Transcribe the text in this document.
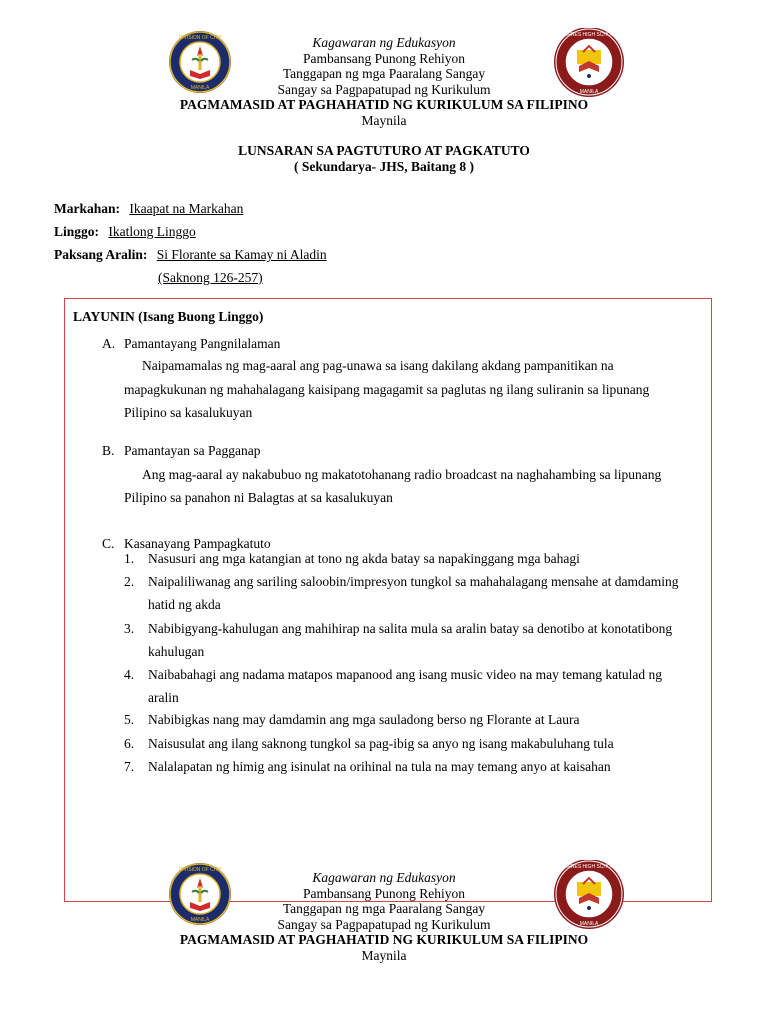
Kagawaran ng Edukasyon
Pambansang Punong Rehiyon
Tanggapan ng mga Paaralang Sangay
Sangay sa Pagpapatupad ng Kurikulum
PAGMAMASID AT PAGHAHATID NG KURIKULUM SA FILIPINO
Maynila
LUNSARAN SA PAGTUTURO AT PAGKATUTO
( Sekundarya- JHS, Baitang 8 )
Markahan: Ikaapat na Markahan
Linggo: Ikatlong Linggo
Paksang Aralin: Si Florante sa Kamay ni Aladin
(Saknong 126-257)
LAYUNIN (Isang Buong Linggo)
A. Pamantayang Pangnilalaman
Naipamamalas ng mag-aaral ang pag-unawa sa isang dakilang akdang pampanitikan na
mapagkukunan ng mahahalagang kaisipang magagamit sa paglutas ng ilang suliranin sa lipunang
Pilipino sa kasalukuyan
B. Pamantayan sa Pagganap
Ang mag-aaral ay nakabubuo ng makatotohanang radio broadcast na naghahambing sa lipunang
Pilipino sa panahon ni Balagtas at sa kasalukuyan
C. Kasanayang Pampagkatuto
1. Nasusuri ang mga katangian at tono ng akda batay sa napakinggang mga bahagi
2. Naipaliliwanag ang sariling saloobin/impresyon tungkol sa mahahalagang mensahe at damdaming
hatid ng akda
3. Nabibigyang-kahulugan ang mahihirap na salita mula sa aralin batay sa denotibo at konotatibong
kahulugan
4. Naibabahagi ang nadama matapos mapanood ang isang music video na may temang katulad ng
aralin
5. Nabibigkas nang may damdamin ang mga sauladong berso ng Florante at Laura
6. Naisusulat ang ilang saknong tungkol sa pag-ibig sa anyo ng isang makabuluhang tula
7. Nalalapatan ng himig ang isinulat na orihinal na tula na may temang anyo at kaisahan
Kagawaran ng Edukasyon
Pambansang Punong Rehiyon
Tanggapan ng mga Paaralang Sangay
Sangay sa Pagpapatupad ng Kurikulum
PAGMAMASID AT PAGHAHATID NG KURIKULUM SA FILIPINO
Maynila
